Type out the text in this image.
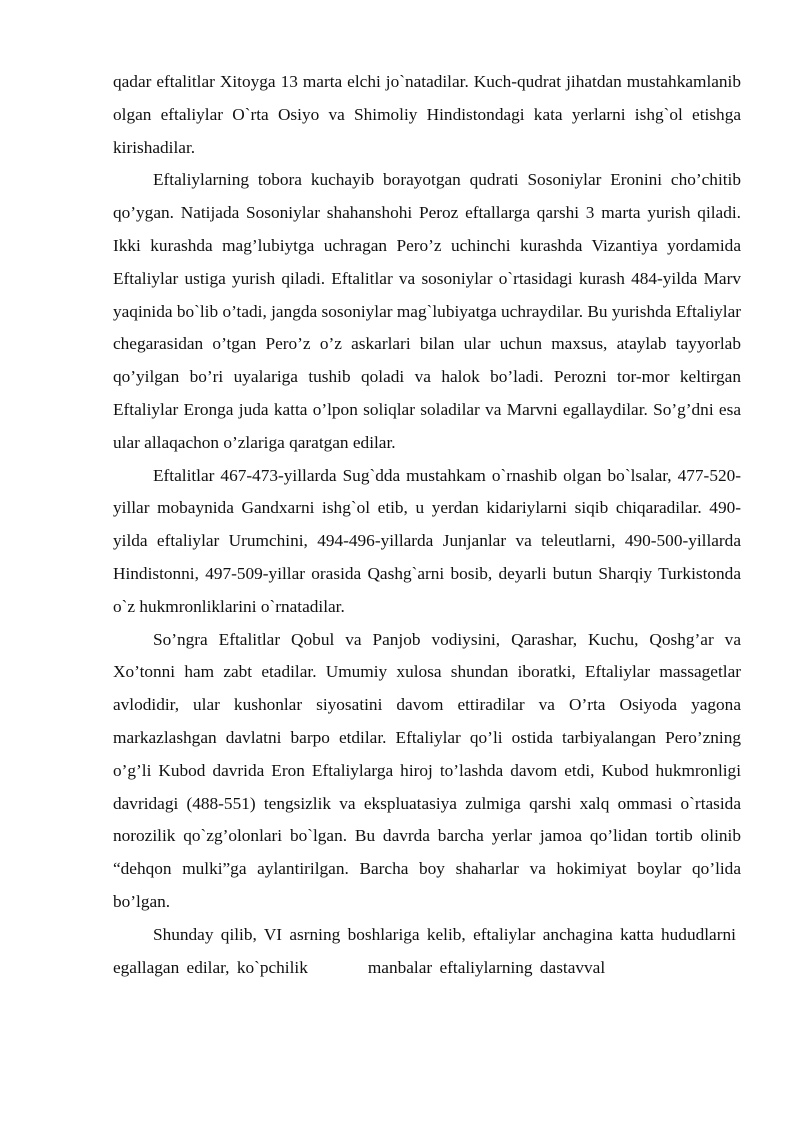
qadar eftalitlar Xitoyga 13 marta elchi jo`natadilar. Kuch-qudrat jihatdan mustahkamlanib olgan eftaliylar O`rta Osiyo va Shimoliy Hindistondagi kata yerlarni ishg`ol etishga kirishadilar.

Eftaliylarning tobora kuchayib borayotgan qudrati Sosoniylar Eronini cho’chitib qo’ygan. Natijada Sosoniylar shahanshohi Peroz eftallarga qarshi 3 marta yurish qiladi. Ikki kurashda mag’lubiytga uchragan Pero’z uchinchi kurashda Vizantiya yordamida Eftaliylar ustiga yurish qiladi. Eftalitlar va sosoniylar o`rtasidagi kurash 484-yilda Marv yaqinida bo`lib o’tadi, jangda sosoniylar mag`lubiyatga uchraydilar. Bu yurishda Eftaliylar chegarasidan o’tgan Pero’z o’z askarlari bilan ular uchun maxsus, ataylab tayyorlab qo’yilgan bo’ri uyalariga tushib qoladi va halok bo’ladi. Perozni tor-mor keltirgan Eftaliylar Eronga juda katta o’lpon soliqlar soladilar va Marvni egallaydilar. So’g’dni esa ular allaqachon o’zlariga qaratgan edilar.

Eftalitlar 467-473-yillarda Sug`dda mustahkam o`rnashib olgan bo`lsalar, 477-520-yillar mobaynida Gandxarni ishg`ol etib, u yerdan kidariylarni siqib chiqaradilar. 490-yilda eftaliylar Urumchini, 494-496-yillarda Junjanlar va teleutlarni, 490-500-yillarda Hindistonni, 497-509-yillar orasida Qashg`arni bosib, deyarli butun Sharqiy Turkistonda o`z hukmronliklarini o`rnatadilar.

So’ngra Eftalitlar Qobul va Panjob vodiysini, Qarashar, Kuchu, Qoshg’ar va Xo’tonni ham zabt etadilar. Umumiy xulosa shundan iboratki, Eftaliylar massagetlar avlodidir, ular kushonlar siyosatini davom ettiradilar va O’rta Osiyoda yagona markazlashgan davlatni barpo etdilar. Eftaliylar qo’li ostida tarbiyalangan Pero’zning o’g’li Kubod davrida Eron Eftaliylarga hiroj to’lashda davom etdi, Kubod hukmronligi davridagi (488-551) tengsizlik va ekspluatasiya zulmiga qarshi xalq ommasi o`rtasida norozilik qo`zg’olonlari bo`lgan. Bu davrda barcha yerlar jamoa qo’lidan tortib olinib “dehqon mulki”ga aylantirilgan. Barcha boy shaharlar va hokimiyat boylar qo’lida bo’lgan.

Shunday qilib, VI asrning boshlariga kelib, eftaliylar anchagina katta hududlarni egallagan edilar, ko`pchilik	manbalar eftaliylarning dastavval
